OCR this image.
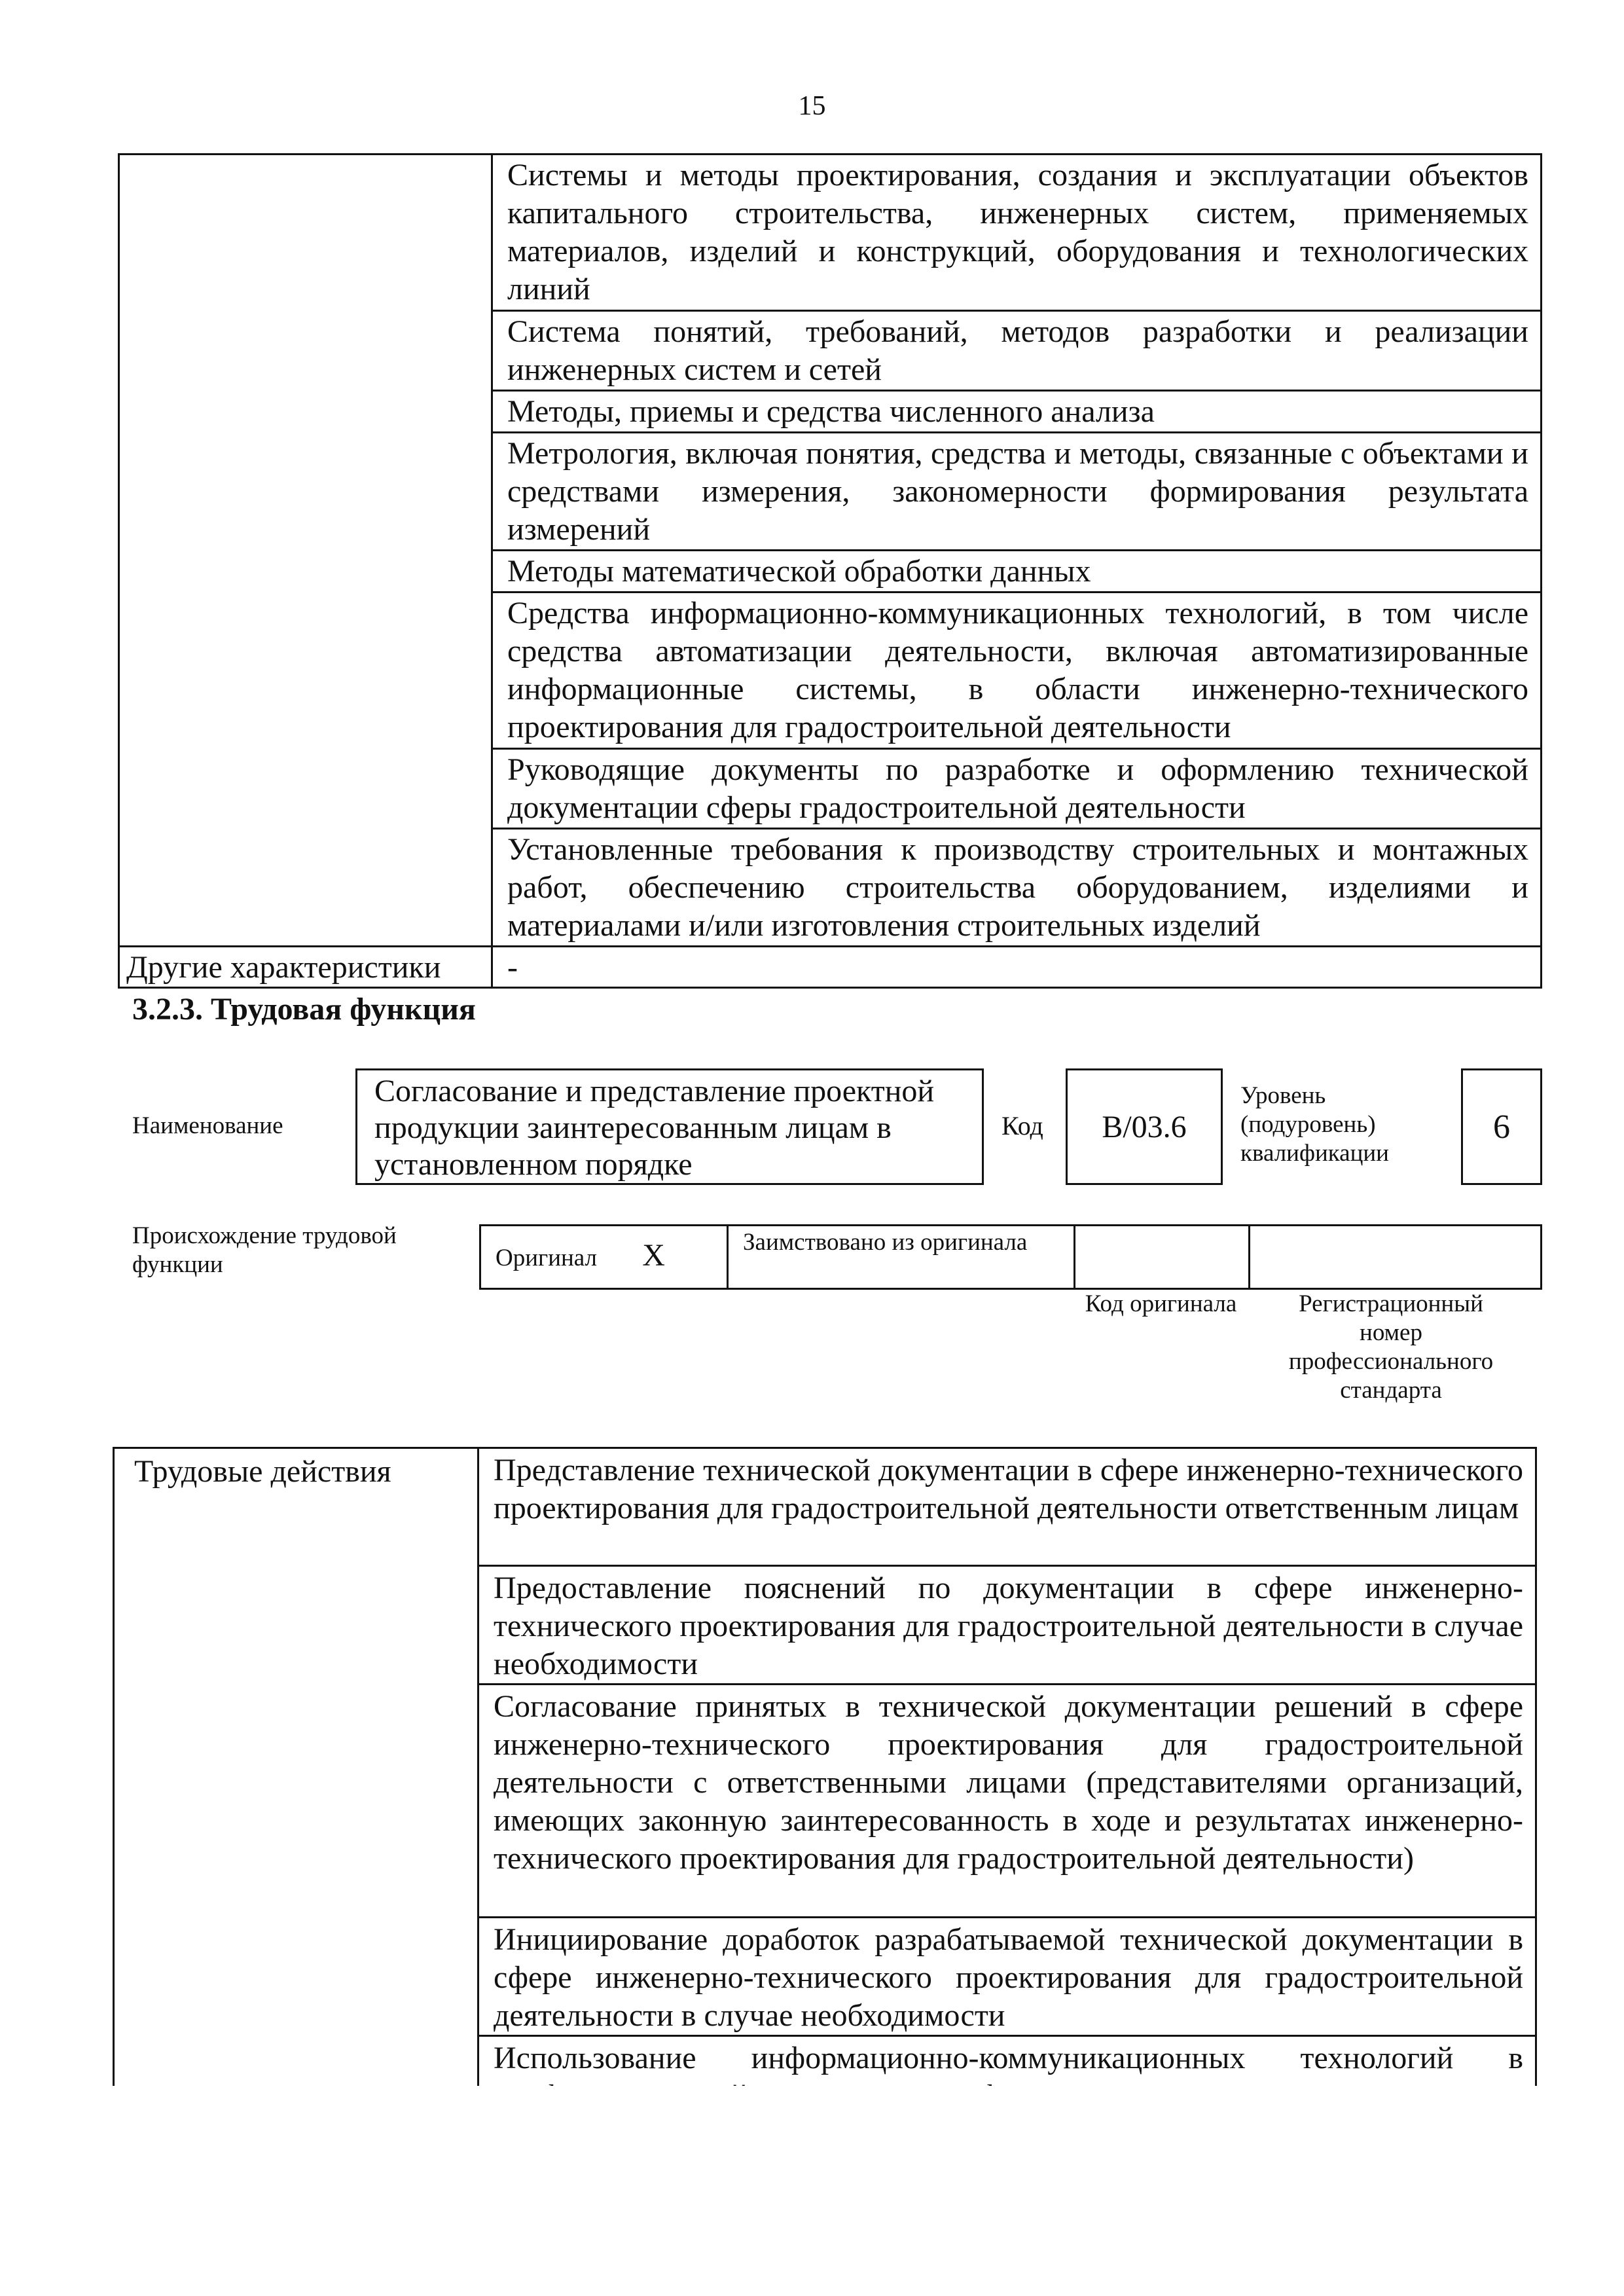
15
	Системы и методы проектирования, создания и эксплуатации объектов капитального строительства, инженерных систем, применяемых материалов, изделий и конструкций, оборудования и технологических линий
	Система понятий, требований, методов разработки и реализации инженерных систем и сетей
	Методы, приемы и средства численного анализа
	Метрология, включая понятия, средства и методы, связанные с объектами и средствами измерения, закономерности формирования результата измерений
	Методы математической обработки данных
	Средства информационно-коммуникационных технологий, в том числе средства автоматизации деятельности, включая автоматизированные информационные системы, в области инженерно-технического проектирования для градостроительной деятельности
	Руководящие документы по разработке и оформлению технической документации сферы градостроительной деятельности
	Установленные требования к производству строительных и монтажных работ, обеспечению строительства оборудованием, изделиями и материалами и/или изготовления строительных изделий
Другие характеристики	-
3.2.3. Трудовая функция
Наименование
Согласование и представление проектной продукции заинтересованным лицам в установленном порядке
Код	B/03.6
Уровень (подуровень) квалификации
6
Происхождение трудовой функции	Оригинал X	Заимствовано из оригинала		
Код оригинала	Регистрационный номер профессионального стандарта
Трудовые действия	Представление технической документации в сфере инженерно-технического проектирования для градостроительной деятельности ответственным лицам
Предоставление пояснений по документации в сфере инженерно-технического проектирования для градостроительной деятельности в случае необходимости
Согласование принятых в технической документации решений в сфере инженерно-технического проектирования для градостроительной деятельности с ответственными лицами (представителями организаций, имеющих законную заинтересованность в ходе и результатах инженерно-технического проектирования для градостроительной деятельности)
Инициирование доработок разрабатываемой технической документации в сфере инженерно-технического проектирования для градостроительной деятельности в случае необходимости
Использование информационно-коммуникационных технологий в
